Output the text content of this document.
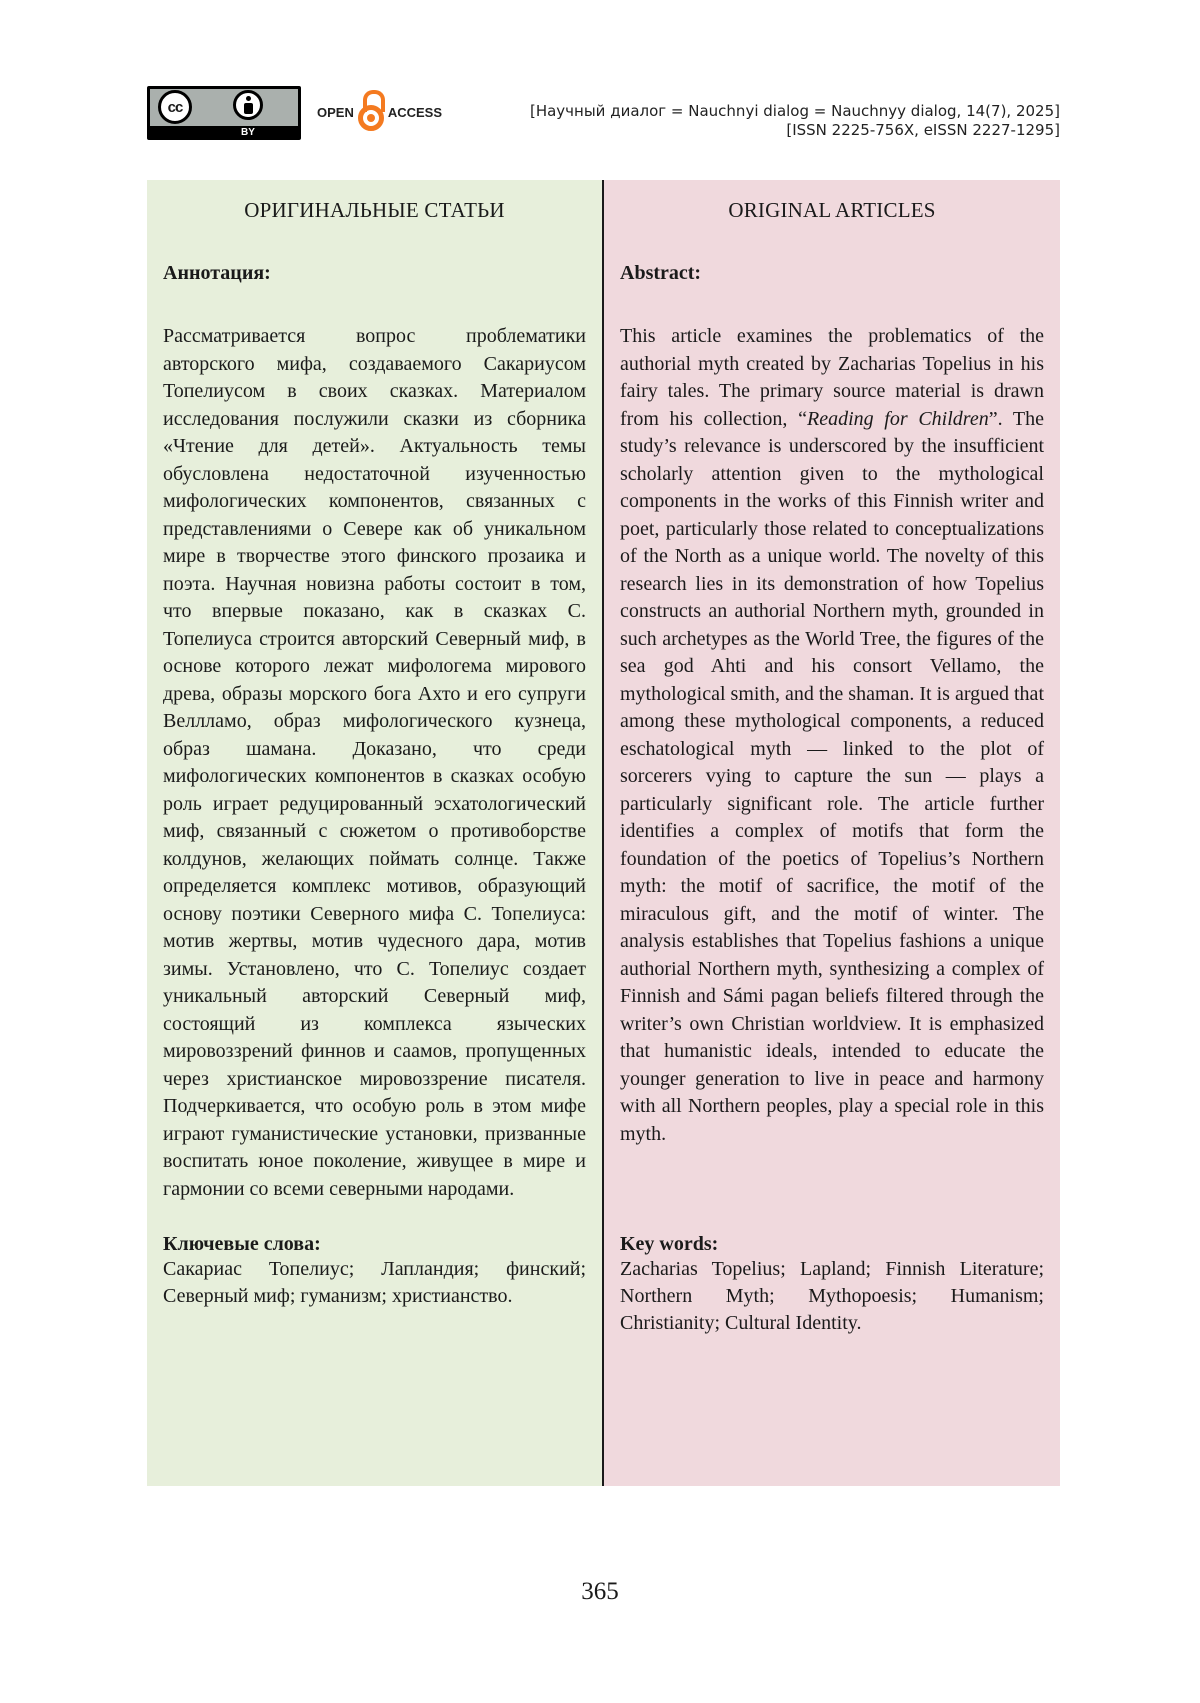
cc
BY
OPEN	ACCESS	[Научный диалог = Nauchnyi dialog = Nauchnyy dialog, 14(7), 2025]
[ISSN 2225-756X, eISSN 2227-1295]
ОРИГИНАЛЬНЫЕ СТАТЬИ
Аннотация:
Рассматривается вопрос проблематики авторского мифа, создаваемого Сакариусом Топелиусом в своих сказках. Материалом исследования послужили сказки из сборника «Чтение для детей». Актуальность темы обусловлена недостаточной изученностью мифологических компонентов, связанных с представлениями о Севере как об уникальном мире в творчестве этого финского прозаика и поэта. Научная новизна работы состоит в том, что впервые показано, как в сказках С. Топелиуса строится авторский Северный миф, в основе которого лежат мифологема мирового древа, образы морского бога Ахто и его супруги Веллламо, образ мифологического кузнеца, образ шамана. Доказано, что среди мифологических компонентов в сказках особую роль играет редуцированный эсхатологический миф, связанный с сюжетом о противоборстве колдунов, желающих поймать солнце. Также определяется комплекс мотивов, образующий основу поэтики Северного мифа С. Топелиуса: мотив жертвы, мотив чудесного дара, мотив зимы. Установлено, что С. Топелиус создает уникальный авторский Северный миф, состоящий из комплекса языческих мировоззрений финнов и саамов, пропущенных через христианское мировоззрение писателя. Подчеркивается, что особую роль в этом мифе играют гуманистические установки, призванные воспитать юное поколение, живущее в мире и гармонии со всеми северными народами.
Ключевые слова:
Сакариас Топелиус; Лапландия; финский; Северный миф; гуманизм; христианство.
ORIGINAL ARTICLES
Abstract:
This article examines the problematics of the authorial myth created by Zacharias Topelius in his fairy tales. The primary source material is drawn from his collection, “Reading for Children”. The study’s relevance is underscored by the insufficient scholarly attention given to the mythological components in the works of this Finnish writer and poet, particularly those related to conceptualizations of the North as a unique world. The novelty of this research lies in its demonstration of how Topelius constructs an authorial Northern myth, grounded in such archetypes as the World Tree, the figures of the sea god Ahti and his consort Vellamo, the mythological smith, and the shaman. It is argued that among these mythological components, a reduced eschatological myth — linked to the plot of sorcerers vying to capture the sun — plays a particularly significant role. The article further identifies a complex of motifs that form the foundation of the poetics of Topelius’s Northern myth: the motif of sacrifice, the motif of the miraculous gift, and the motif of winter. The analysis establishes that Topelius fashions a unique authorial Northern myth, synthesizing a complex of Finnish and Sámi pagan beliefs filtered through the writer’s own Christian worldview. It is emphasized that humanistic ideals, intended to educate the younger generation to live in peace and harmony with all Northern peoples, play a special role in this myth.
Key words:
Zacharias Topelius; Lapland; Finnish Literature; Northern Myth; Mythopoesis; Humanism; Christianity; Cultural Identity.
365
